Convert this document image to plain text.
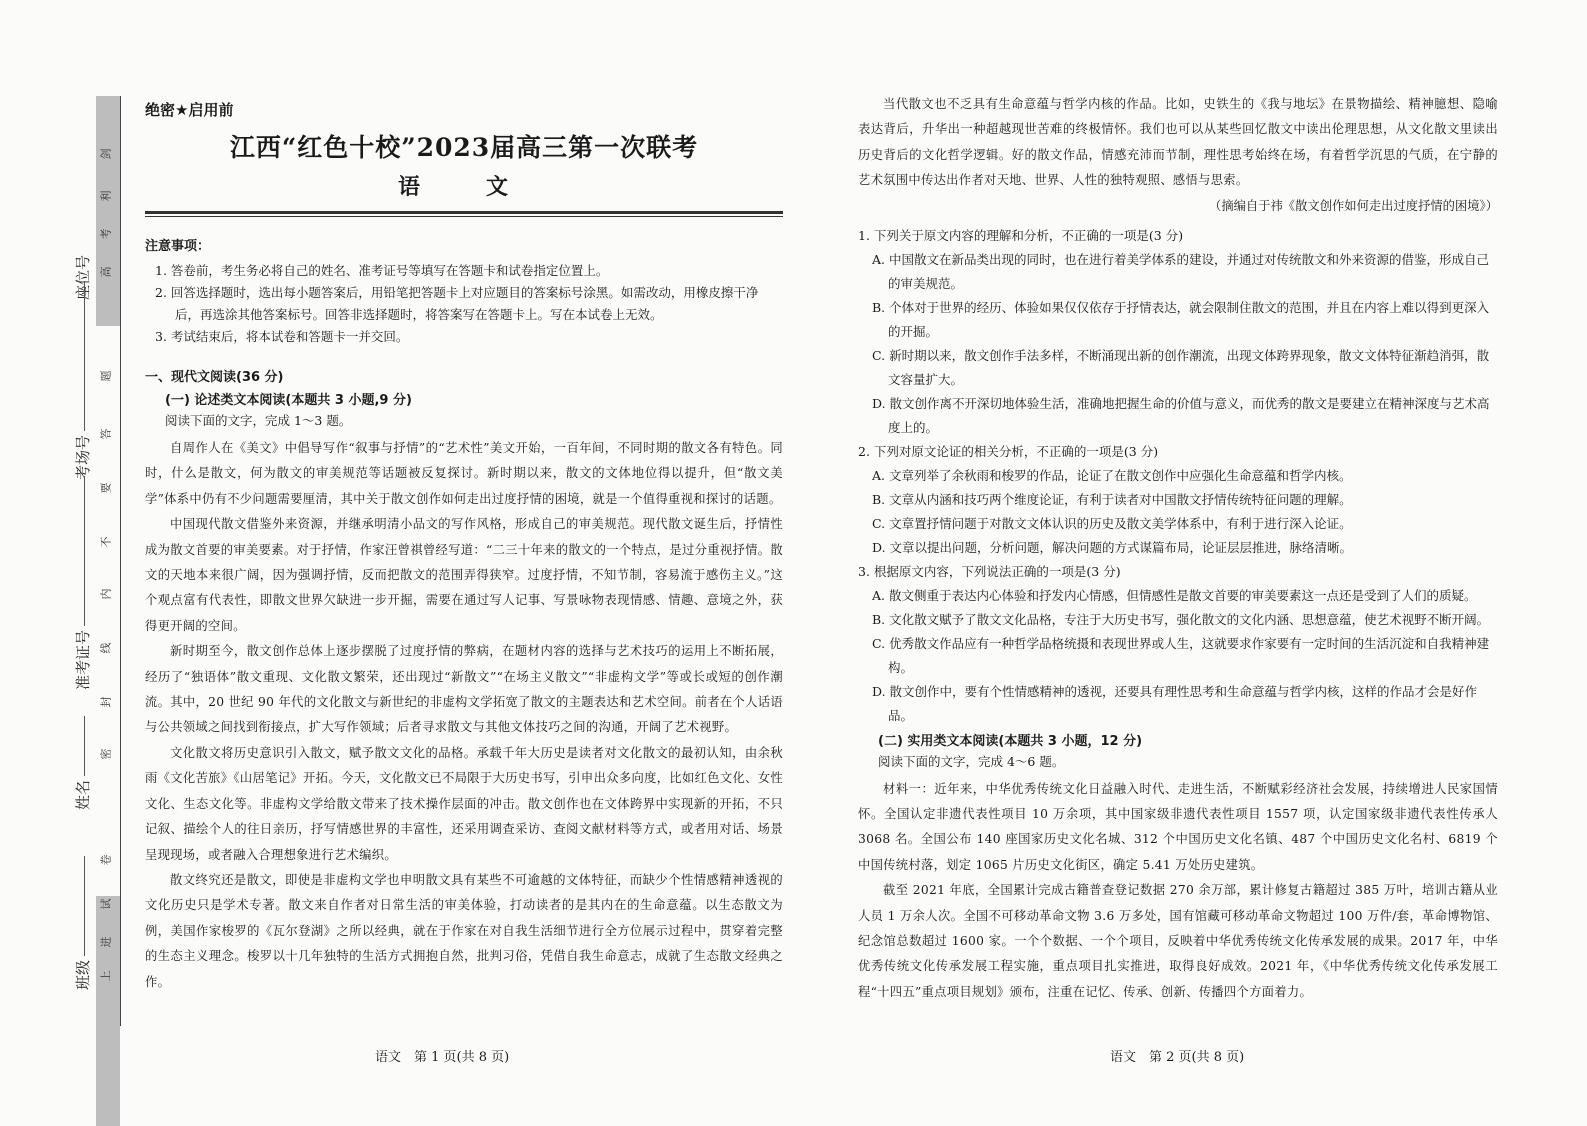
剑
利
高
考
题
答
要
不
内
线
封
密
卷
试
进
上
座位号
考场号
准考证号
姓名
班级
绝密★启用前
江西“红色十校”2023届高三第一次联考
语　文
注意事项：

1. 答卷前，考生务必将自己的姓名、准考证号等填写在答题卡和试卷指定位置上。

2. 回答选择题时，选出每小题答案后，用铅笔把答题卡上对应题目的答案标号涂黑。如需改动，用橡皮擦干净后，再选涂其他答案标号。回答非选择题时，将答案写在答题卡上。写在本试卷上无效。

3. 考试结束后，将本试卷和答题卡一并交回。

一、现代文阅读(36 分)
(一) 论述类文本阅读(本题共 3 小题,9 分)
阅读下面的文字，完成 1～3 题。

自周作人在《美文》中倡导写作“叙事与抒情”的“艺术性”美文开始，一百年间，不同时期的散文各有特色。同时，什么是散文，何为散文的审美规范等话题被反复探讨。新时期以来，散文的文体地位得以提升，但“散文美学”体系中仍有不少问题需要厘清，其中关于散文创作如何走出过度抒情的困境，就是一个值得重视和探讨的话题。

中国现代散文借鉴外来资源，并继承明清小品文的写作风格，形成自己的审美规范。现代散文诞生后，抒情性成为散文首要的审美要素。对于抒情，作家汪曾祺曾经写道：“二三十年来的散文的一个特点，是过分重视抒情。散文的天地本来很广阔，因为强调抒情，反而把散文的范围弄得狭窄。过度抒情，不知节制，容易流于感伤主义。”这个观点富有代表性，即散文世界欠缺进一步开掘，需要在通过写人记事、写景咏物表现情感、情趣、意境之外，获得更开阔的空间。

新时期至今，散文创作总体上逐步摆脱了过度抒情的弊病，在题材内容的选择与艺术技巧的运用上不断拓展，经历了“独语体”散文重现、文化散文繁荣，还出现过“新散文”“在场主义散文”“非虚构文学”等或长或短的创作潮流。其中，20 世纪 90 年代的文化散文与新世纪的非虚构文学拓宽了散文的主题表达和艺术空间。前者在个人话语与公共领域之间找到衔接点，扩大写作领域；后者寻求散文与其他文体技巧之间的沟通，开阔了艺术视野。

文化散文将历史意识引入散文，赋予散文文化的品格。承载千年大历史是读者对文化散文的最初认知，由余秋雨《文化苦旅》《山居笔记》开拓。今天，文化散文已不局限于大历史书写，引申出众多向度，比如红色文化、女性文化、生态文化等。非虚构文学给散文带来了技术操作层面的冲击。散文创作也在文体跨界中实现新的开拓，不只记叙、描绘个人的往日亲历，抒写情感世界的丰富性，还采用调查采访、查阅文献材料等方式，或者用对话、场景呈现现场，或者融入合理想象进行艺术编织。

散文终究还是散文，即使是非虚构文学也申明散文具有某些不可逾越的文体特征，而缺少个性情感精神透视的文化历史只是学术专著。散文来自作者对日常生活的审美体验，打动读者的是其内在的生命意蕴。以生态散文为例，美国作家梭罗的《瓦尔登湖》之所以经典，就在于作家在对自我生活细节进行全方位展示过程中，贯穿着完整的生态主义理念。梭罗以十几年独特的生活方式拥抱自然，批判习俗，凭借自我生命意志，成就了生态散文经典之作。

当代散文也不乏具有生命意蕴与哲学内核的作品。比如，史铁生的《我与地坛》在景物描绘、精神臆想、隐喻表达背后，升华出一种超越现世苦难的终极情怀。我们也可以从某些回忆散文中读出伦理思想，从文化散文里读出历史背后的文化哲学逻辑。好的散文作品，情感充沛而节制，理性思考始终在场，有着哲学沉思的气质，在宁静的艺术氛围中传达出作者对天地、世界、人性的独特观照、感悟与思索。

（摘编自于祎《散文创作如何走出过度抒情的困境》）

1. 下列关于原文内容的理解和分析，不正确的一项是(3 分)

A. 中国散文在新品类出现的同时，也在进行着美学体系的建设，并通过对传统散文和外来资源的借鉴，形成自己的审美规范。

B. 个体对于世界的经历、体验如果仅仅依存于抒情表达，就会限制住散文的范围，并且在内容上难以得到更深入的开掘。

C. 新时期以来，散文创作手法多样，不断涌现出新的创作潮流，出现文体跨界现象，散文文体特征渐趋消弭，散文容量扩大。

D. 散文创作离不开深切地体验生活，准确地把握生命的价值与意义，而优秀的散文是要建立在精神深度与艺术高度上的。

2. 下列对原文论证的相关分析，不正确的一项是(3 分)

A. 文章列举了余秋雨和梭罗的作品，论证了在散文创作中应强化生命意蕴和哲学内核。

B. 文章从内涵和技巧两个维度论证，有利于读者对中国散文抒情传统特征问题的理解。

C. 文章置抒情问题于对散文文体认识的历史及散文美学体系中，有利于进行深入论证。

D. 文章以提出问题，分析问题，解决问题的方式谋篇布局，论证层层推进，脉络清晰。

3. 根据原文内容，下列说法正确的一项是(3 分)

A. 散文侧重于表达内心体验和抒发内心情感，但情感性是散文首要的审美要素这一点还是受到了人们的质疑。

B. 文化散文赋予了散文文化品格，专注于大历史书写，强化散文的文化内涵、思想意蕴，使艺术视野不断开阔。

C. 优秀散文作品应有一种哲学品格统摄和表现世界或人生，这就要求作家要有一定时间的生活沉淀和自我精神建构。

D. 散文创作中，要有个性情感精神的透视，还要具有理性思考和生命意蕴与哲学内核，这样的作品才会是好作品。

(二) 实用类文本阅读(本题共 3 小题，12 分)
阅读下面的文字，完成 4～6 题。

材料一：近年来，中华优秀传统文化日益融入时代、走进生活，不断赋彩经济社会发展，持续增进人民家国情怀。全国认定非遗代表性项目 10 万余项，其中国家级非遗代表性项目 1557 项，认定国家级非遗代表性传承人 3068 名。全国公布 140 座国家历史文化名城、312 个中国历史文化名镇、487 个中国历史文化名村、6819 个中国传统村落，划定 1065 片历史文化街区，确定 5.41 万处历史建筑。

截至 2021 年底，全国累计完成古籍普查登记数据 270 余万部，累计修复古籍超过 385 万叶，培训古籍从业人员 1 万余人次。全国不可移动革命文物 3.6 万多处，国有馆藏可移动革命文物超过 100 万件/套，革命博物馆、纪念馆总数超过 1600 家。一个个数据、一个个项目，反映着中华优秀传统文化传承发展的成果。2017 年，中华优秀传统文化传承发展工程实施，重点项目扎实推进，取得良好成效。2021 年，《中华优秀传统文化传承发展工程“十四五”重点项目规划》颁布，注重在记忆、传承、创新、传播四个方面着力。

语文　第 1 页(共 8 页)	语文　第 2 页(共 8 页)
